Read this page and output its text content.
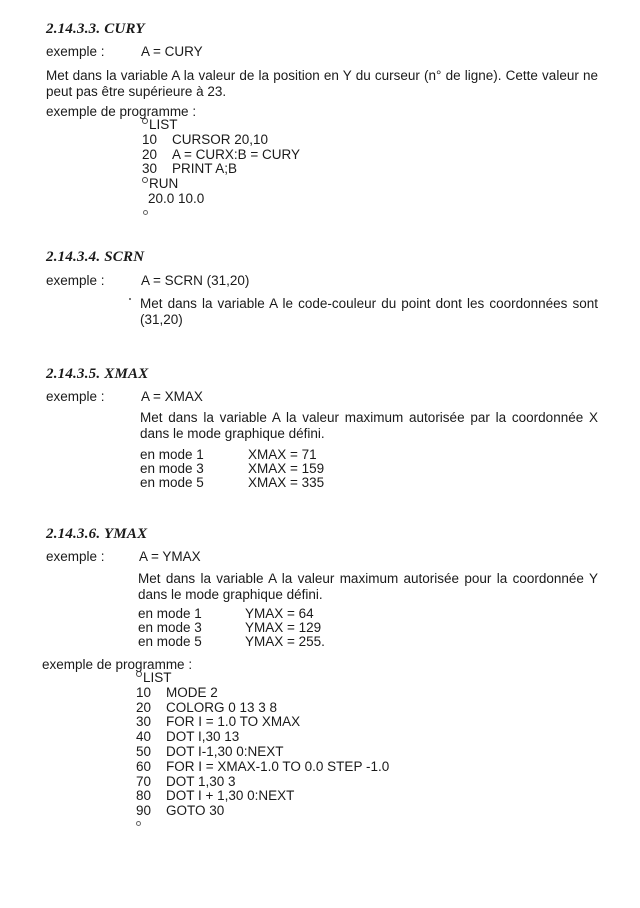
2.14.3.3. CURY
exemple :	A = CURY
Met dans la variable A la valeur de la position en Y du curseur (n° de ligne). Cette valeur ne peut pas être supérieure à 23.
exemple de programme :
LIST
10	CURSOR 20,10
20	A = CURX:B = CURY
30	PRINT A;B
RUN
20.0 10.0
2.14.3.4. SCRN
exemple :	A = SCRN (31,20)
Met dans la variable A le code-couleur du point dont les coordonnées sont (31,20)
2.14.3.5. XMAX
exemple :	A = XMAX
Met dans la variable A la valeur maximum autorisée par la coordonnée X dans le mode graphique défini.
en mode 1	XMAX = 71
en mode 3	XMAX = 159
en mode 5	XMAX = 335
2.14.3.6. YMAX
exemple :	A = YMAX
Met dans la variable A la valeur maximum autorisée pour la coordonnée Y dans le mode graphique défini.
en mode 1	YMAX = 64
en mode 3	YMAX = 129
en mode 5	YMAX = 255.
exemple de programme :
LIST
10	MODE 2
20	COLORG 0 13 3 8
30	FOR I = 1.0 TO XMAX
40	DOT I,30 13
50	DOT I-1,30 0:NEXT
60	FOR I = XMAX-1.0 TO 0.0 STEP -1.0
70	DOT 1,30 3
80	DOT I + 1,30 0:NEXT
90	GOTO 30
